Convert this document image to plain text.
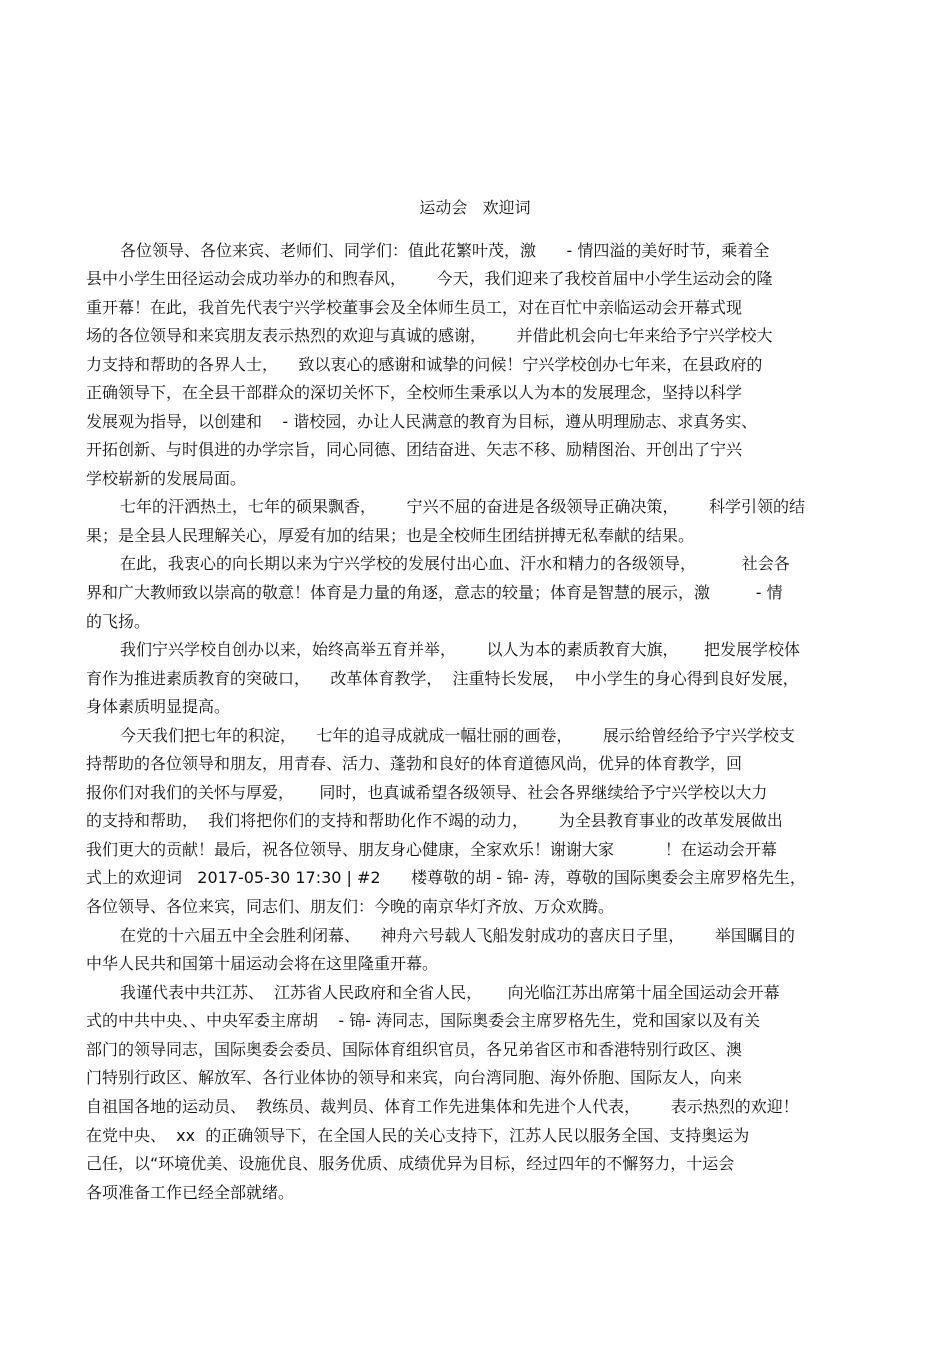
运动会   欢迎词
各位领导、各位来宾、老师们、同学们：值此花繁叶茂，激      - 情四溢的美好时节，乘着全
县中小学生田径运动会成功举办的和煦春风，      今天，我们迎来了我校首届中小学生运动会的隆
重开幕！在此，我首先代表宁兴学校董事会及全体师生员工，对在百忙中亲临运动会开幕式现
场的各位领导和来宾朋友表示热烈的欢迎与真诚的感谢，      并借此机会向七年来给予宁兴学校大
力支持和帮助的各界人士，    致以衷心的感谢和诚挚的问候！宁兴学校创办七年来，在县政府的
正确领导下，在全县干部群众的深切关怀下，全校师生秉承以人为本的发展理念，坚持以科学
发展观为指导，以创建和    - 谐校园，办让人民满意的教育为目标，遵从明理励志、求真务实、
开拓创新、与时俱进的办学宗旨，同心同德、团结奋进、矢志不移、励精图治、开创出了宁兴
学校崭新的发展局面。
七年的汗洒热土，七年的硕果飘香，      宁兴不屈的奋进是各级领导正确决策，      科学引领的结
果；是全县人民理解关心，厚爱有加的结果；也是全校师生团结拼搏无私奉献的结果。
在此，我衷心的向长期以来为宁兴学校的发展付出心血、汗水和精力的各级领导，         社会各
界和广大教师致以崇高的敬意！体育是力量的角逐，意志的较量；体育是智慧的展示，激         - 情
的飞扬。
我们宁兴学校自创办以来，始终高举五育并举，      以人为本的素质教育大旗，     把发展学校体
育作为推进素质教育的突破口，    改革体育教学，  注重特长发展，  中小学生的身心得到良好发展，
身体素质明显提高。
今天我们把七年的积淀，    七年的追寻成就成一幅壮丽的画卷，      展示给曾经给予宁兴学校支
持帮助的各位领导和朋友，用青春、活力、蓬勃和良好的体育道德风尚，优异的体育教学，回
报你们对我们的关怀与厚爱，     同时，也真诚希望各级领导、社会各界继续给予宁兴学校以大力
的支持和帮助，  我们将把你们的支持和帮助化作不竭的动力，      为全县教育事业的改革发展做出
我们更大的贡献！最后，祝各位领导、朋友身心健康，全家欢乐！谢谢大家          ！在运动会开幕
式上的欢迎词   2017-05-30 17:30 | #2      楼尊敬的胡 - 锦- 涛，尊敬的国际奥委会主席罗格先生，
各位领导、各位来宾，同志们、朋友们：今晚的南京华灯齐放、万众欢腾。
在党的十六届五中全会胜利闭幕、    神舟六号载人飞船发射成功的喜庆日子里，      举国瞩目的
中华人民共和国第十届运动会将在这里隆重开幕。
我谨代表中共江苏、  江苏省人民政府和全省人民，     向光临江苏出席第十届全国运动会开幕
式的中共中央、、中央军委主席胡    - 锦- 涛同志，国际奥委会主席罗格先生，党和国家以及有关
部门的领导同志，国际奥委会委员、国际体育组织官员，各兄弟省区市和香港特别行政区、澳
门特别行政区、解放军、各行业体协的领导和来宾，向台湾同胞、海外侨胞、国际友人，向来
自祖国各地的运动员、  教练员、裁判员、体育工作先进集体和先进个人代表，      表示热烈的欢迎！
在党中央、  xx  的正确领导下，在全国人民的关心支持下，江苏人民以服务全国、支持奥运为
己任，以“环境优美、设施优良、服务优质、成绩优异为目标，经过四年的不懈努力，十运会
各项准备工作已经全部就绪。
